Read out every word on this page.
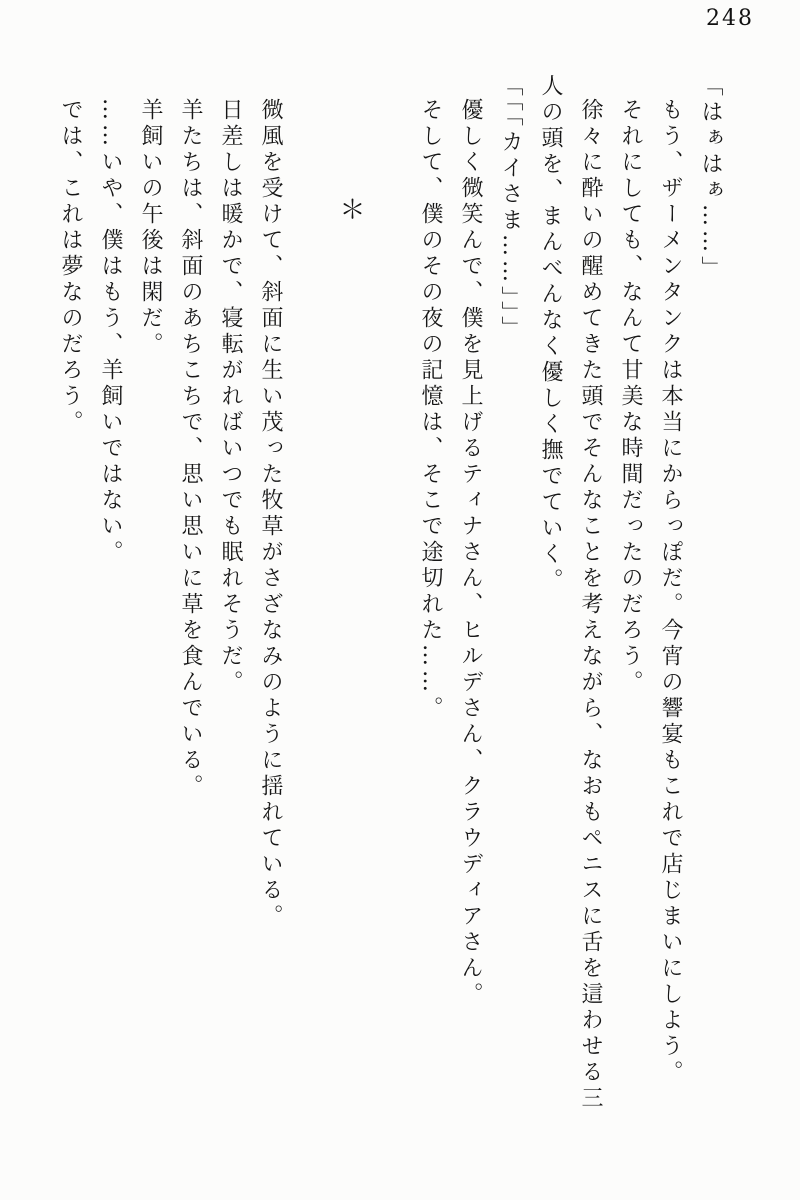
248

「はぁはぁ……」

もう、ザーメンタンクは本当にからっぽだ。今宵の響宴もこれで店じまいにしよう。

それにしても、なんて甘美な時間だったのだろう。

徐々に酔いの醒めてきた頭でそんなことを考えながら、なおもペニスに舌を這わせる三

人の頭を、まんべんなく優しく撫でていく。

「「「カイさま……」」」

優しく微笑んで、僕を見上げるティナさん、ヒルデさん、クラウディアさん。

そして、僕のその夜の記憶は、そこで途切れた……。

＊

微風を受けて、斜面に生い茂った牧草がさざなみのように揺れている。

日差しは暖かで、寝転がればいつでも眠れそうだ。

羊たちは、斜面のあちこちで、思い思いに草を食んでいる。

羊飼いの午後は閑だ。

……いや、僕はもう、羊飼いではない。

では、これは夢なのだろう。
